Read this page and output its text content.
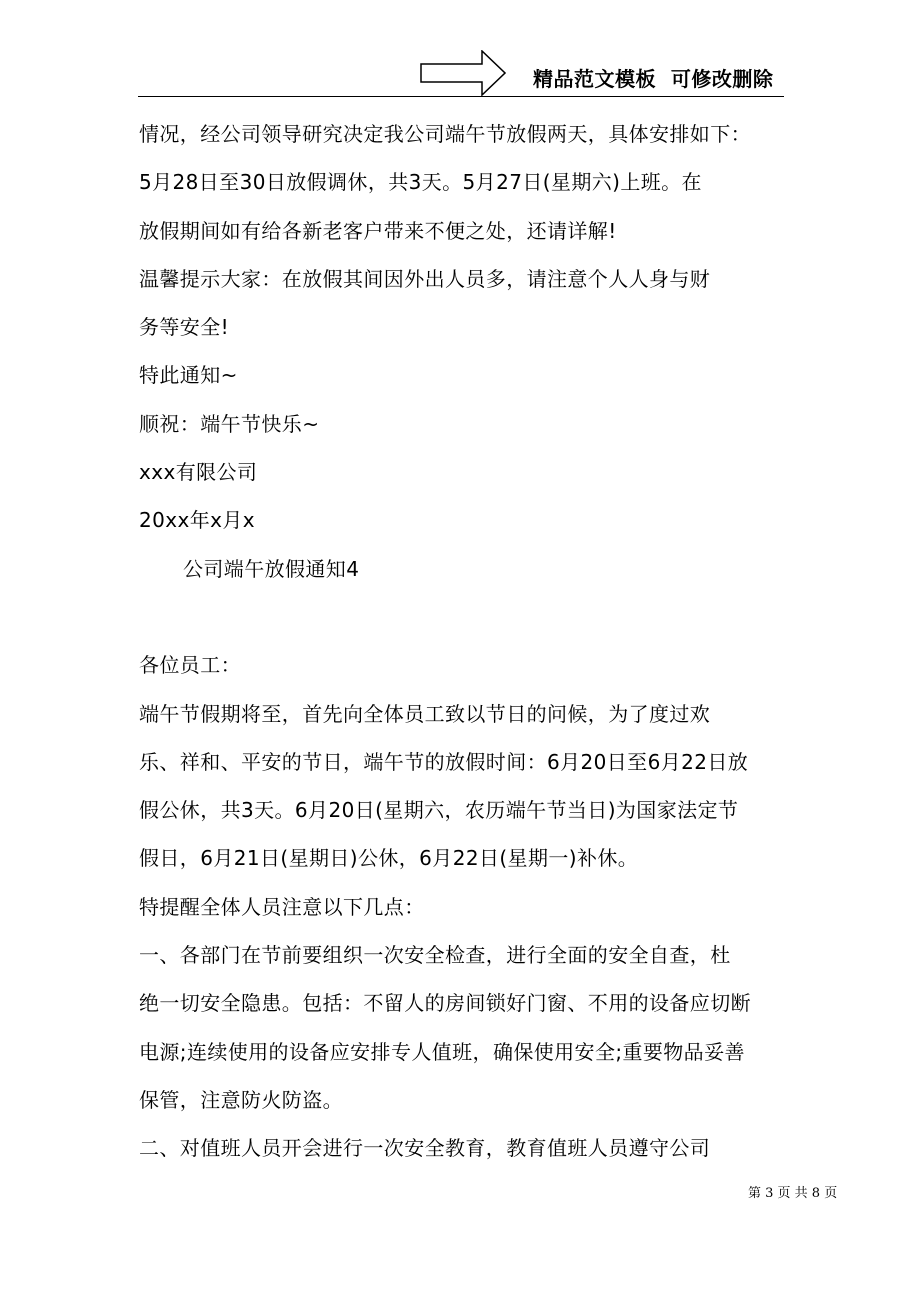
精品范文模板  可修改删除
情况，经公司领导研究决定我公司端午节放假两天，具体安排如下：
5月28日至30日放假调休，共3天。5月27日(星期六)上班。在
放假期间如有给各新老客户带来不便之处，还请详解!
温馨提示大家：在放假其间因外出人员多，请注意个人人身与财
务等安全!
特此通知~
顺祝：端午节快乐~
xxx有限公司
20xx年x月x
公司端午放假通知4
各位员工：
端午节假期将至，首先向全体员工致以节日的问候，为了度过欢
乐、祥和、平安的节日，端午节的放假时间：6月20日至6月22日放
假公休，共3天。6月20日(星期六，农历端午节当日)为国家法定节
假日，6月21日(星期日)公休，6月22日(星期一)补休。
特提醒全体人员注意以下几点：
一、各部门在节前要组织一次安全检查，进行全面的安全自查，杜
绝一切安全隐患。包括：不留人的房间锁好门窗、不用的设备应切断
电源;连续使用的设备应安排专人值班，确保使用安全;重要物品妥善
保管，注意防火防盗。
二、对值班人员开会进行一次安全教育，教育值班人员遵守公司
第 3 页 共 8 页
